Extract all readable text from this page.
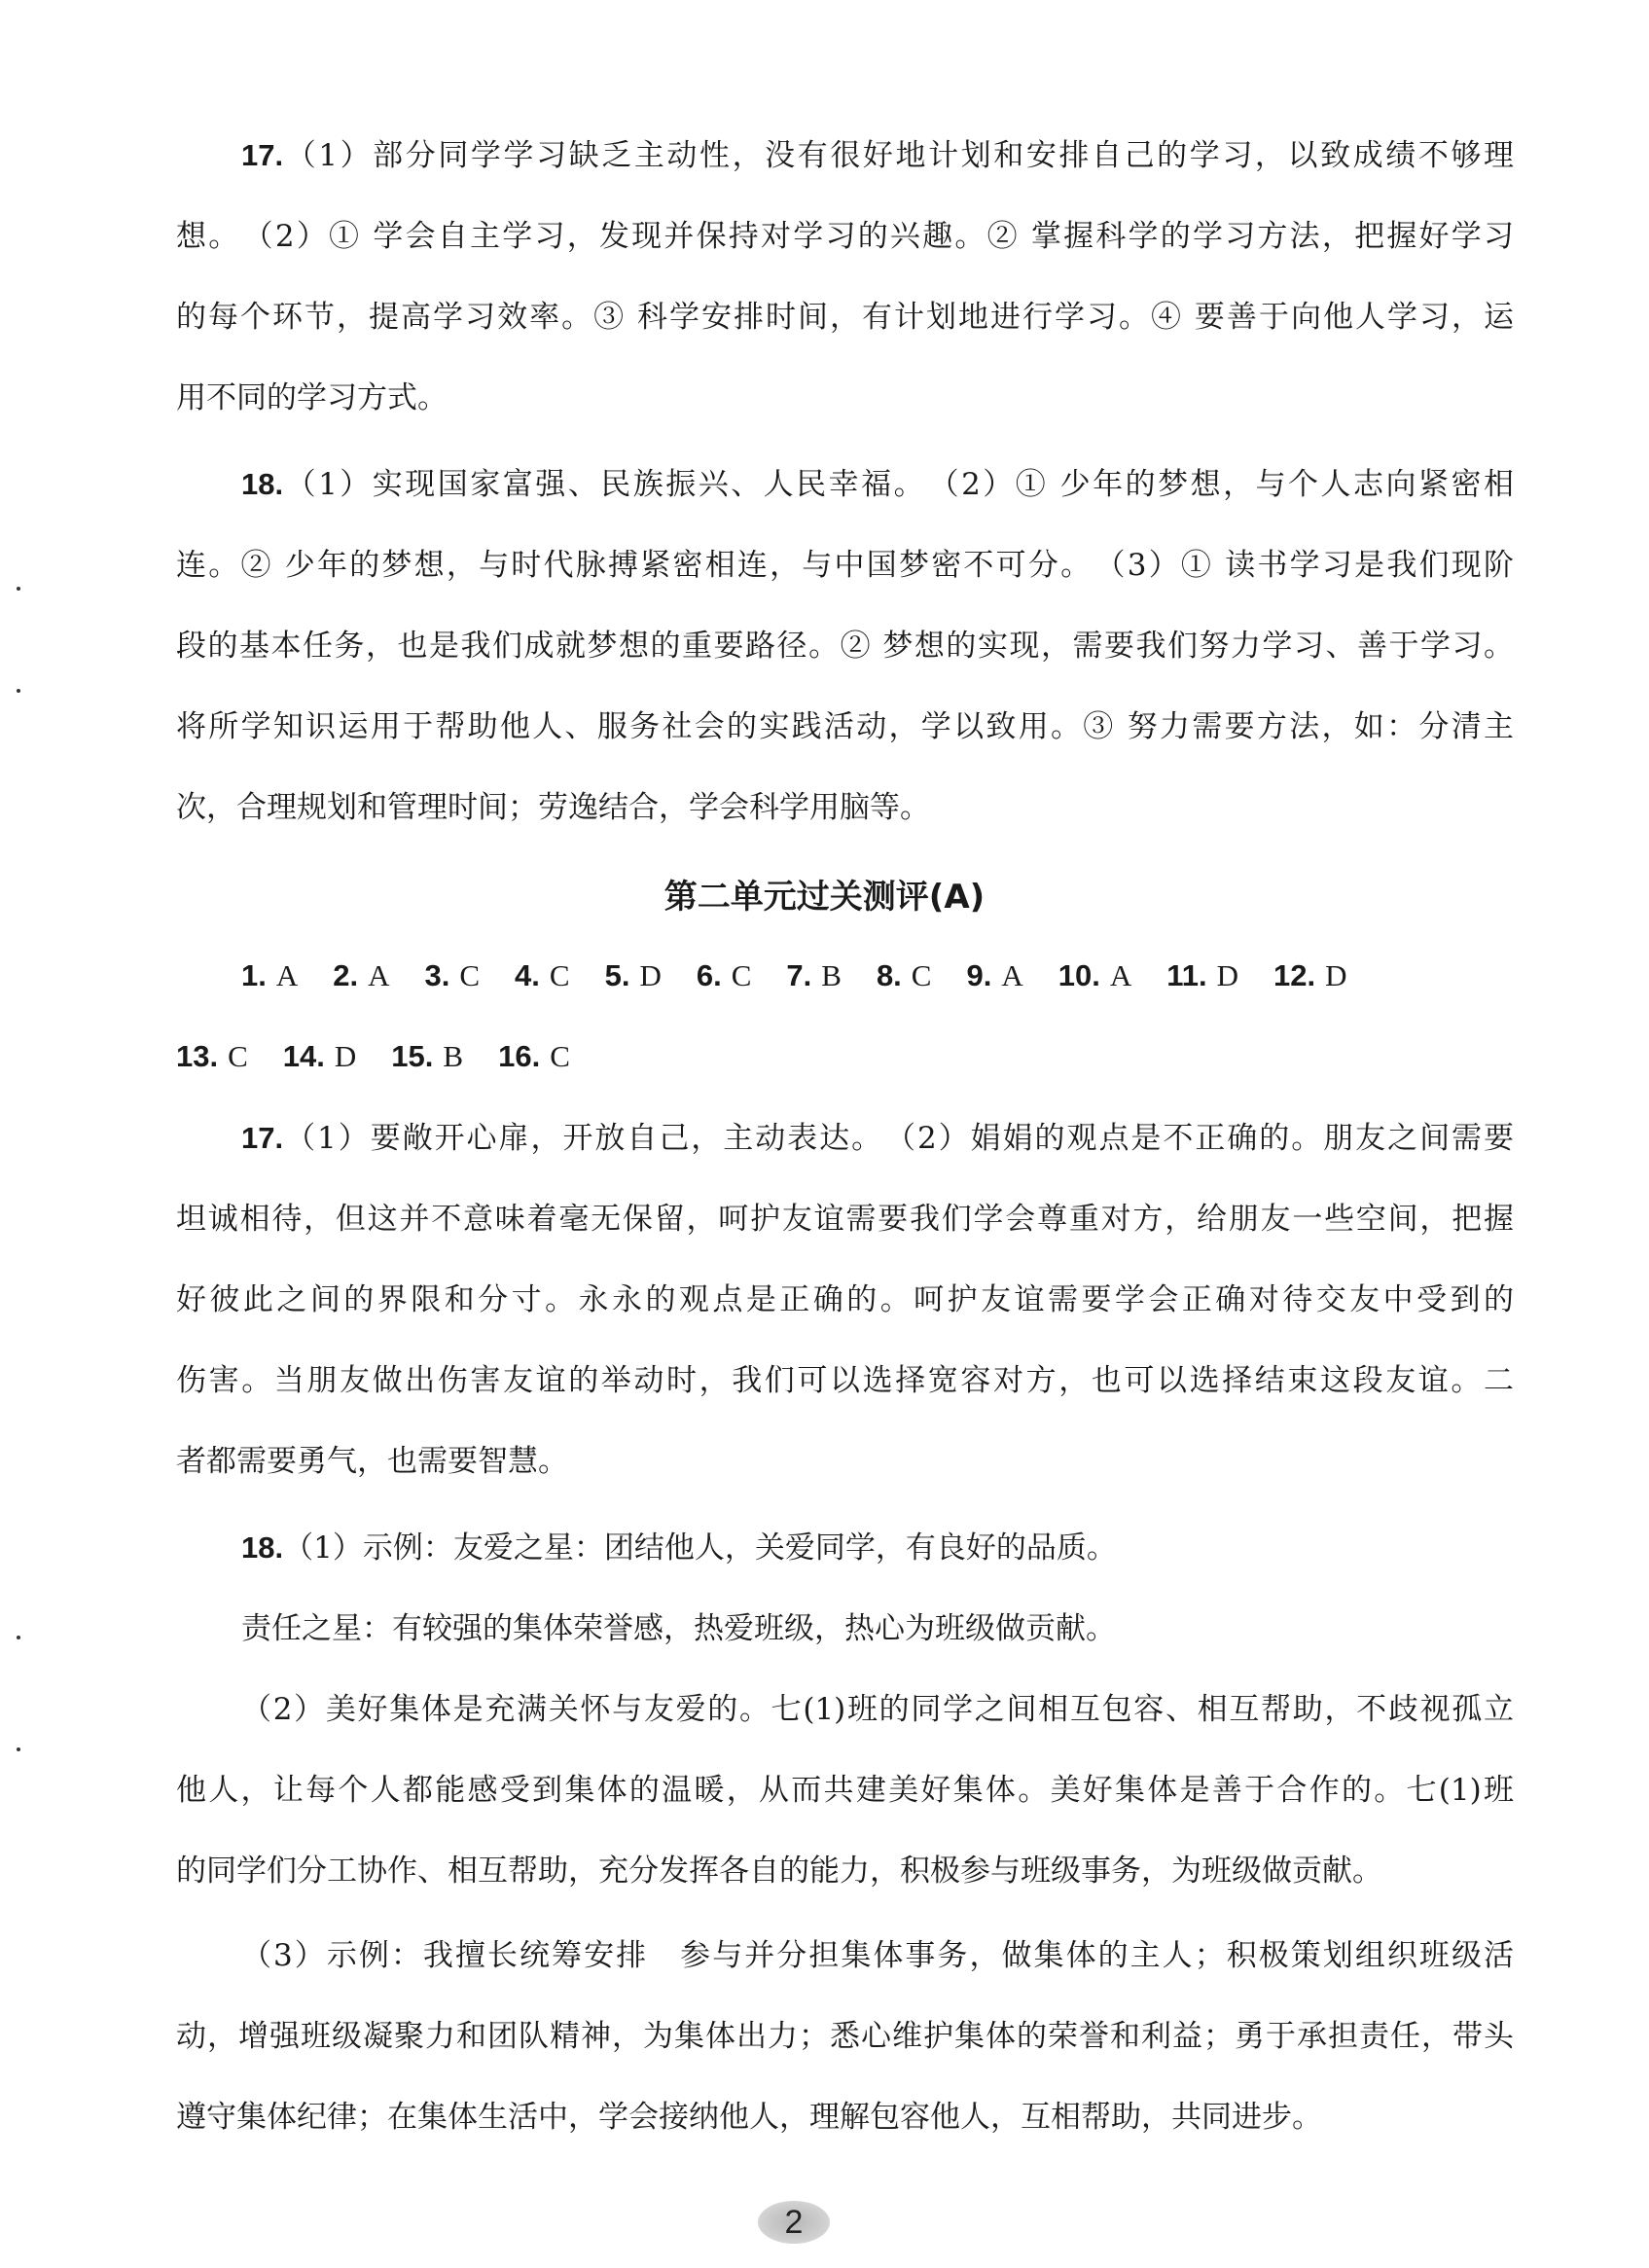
17.（1）部分同学学习缺乏主动性，没有很好地计划和安排自己的学习，以致成绩不够理
想。　（2）① 学会自主学习，发现并保持对学习的兴趣。② 掌握科学的学习方法，把握好学习
的每个环节，提高学习效率。③ 科学安排时间，有计划地进行学习。④ 要善于向他人学习，运
用不同的学习方式。
18.（1）实现国家富强、民族振兴、人民幸福。　（2）① 少年的梦想，与个人志向紧密相
连。② 少年的梦想，与时代脉搏紧密相连，与中国梦密不可分。　（3）① 读书学习是我们现阶
段的基本任务，也是我们成就梦想的重要路径。② 梦想的实现，需要我们努力学习、善于学习。
将所学知识运用于帮助他人、服务社会的实践活动，学以致用。③ 努力需要方法，如：分清主
次，合理规划和管理时间；劳逸结合，学会科学用脑等。
第二单元过关测评(A)
1. A 2. A 3. C 4. C 5. D 6. C 7. B 8. C 9. A 10. A 11. D 12. D
13. C 14. D 15. B 16. C
17.（1）要敞开心扉，开放自己，主动表达。　（2）娟娟的观点是不正确的。朋友之间需要
坦诚相待，但这并不意味着毫无保留，呵护友谊需要我们学会尊重对方，给朋友一些空间，把握
好彼此之间的界限和分寸。永永的观点是正确的。呵护友谊需要学会正确对待交友中受到的
伤害。当朋友做出伤害友谊的举动时，我们可以选择宽容对方，也可以选择结束这段友谊。二
者都需要勇气，也需要智慧。
18.（1）示例：友爱之星：团结他人，关爱同学，有良好的品质。
责任之星：有较强的集体荣誉感，热爱班级，热心为班级做贡献。
（2）美好集体是充满关怀与友爱的。七(1)班的同学之间相互包容、相互帮助，不歧视孤立
他人，让每个人都能感受到集体的温暖，从而共建美好集体。美好集体是善于合作的。七(1)班
的同学们分工协作、相互帮助，充分发挥各自的能力，积极参与班级事务，为班级做贡献。
（3）示例：我擅长统筹安排　参与并分担集体事务，做集体的主人；积极策划组织班级活
动，增强班级凝聚力和团队精神，为集体出力；悉心维护集体的荣誉和利益；勇于承担责任，带头
遵守集体纪律；在集体生活中，学会接纳他人，理解包容他人，互相帮助，共同进步。
2
